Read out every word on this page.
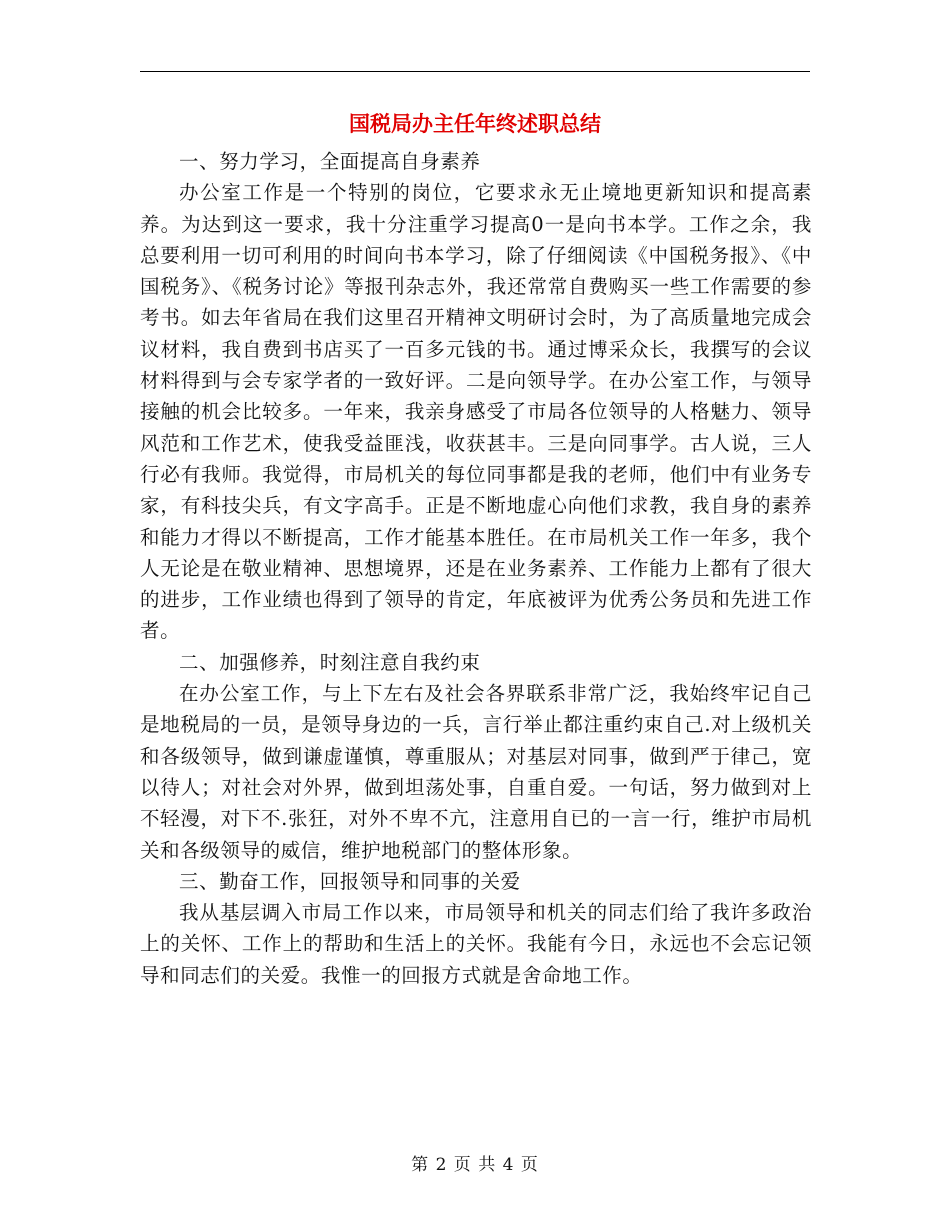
国税局办主任年终述职总结

一、努力学习，全面提高自身素养

办公室工作是一个特别的岗位，它要求永无止境地更新知识和提高素养。为达到这一要求，我十分注重学习提高0一是向书本学。工作之余，我总要利用一切可利用的时间向书本学习，除了仔细阅读《中国税务报》、《中国税务》、《税务讨论》等报刊杂志外，我还常常自费购买一些工作需要的参考书。如去年省局在我们这里召开精神文明研讨会时，为了高质量地完成会议材料，我自费到书店买了一百多元钱的书。通过博采众长，我撰写的会议材料得到与会专家学者的一致好评。二是向领导学。在办公室工作，与领导接触的机会比较多。一年来，我亲身感受了市局各位领导的人格魅力、领导风范和工作艺术，使我受益匪浅，收获甚丰。三是向同事学。古人说，三人行必有我师。我觉得，市局机关的每位同事都是我的老师，他们中有业务专家，有科技尖兵，有文字高手。正是不断地虚心向他们求教，我自身的素养和能力才得以不断提高，工作才能基本胜任。在市局机关工作一年多，我个人无论是在敬业精神、思想境界，还是在业务素养、工作能力上都有了很大的进步，工作业绩也得到了领导的肯定，年底被评为优秀公务员和先进工作者。

二、加强修养，时刻注意自我约束

在办公室工作，与上下左右及社会各界联系非常广泛，我始终牢记自己是地税局的一员，是领导身边的一兵，言行举止都注重约束自己.对上级机关和各级领导，做到谦虚谨慎，尊重服从；对基层对同事，做到严于律己，宽以待人；对社会对外界，做到坦荡处事，自重自爱。一句话，努力做到对上不轻漫，对下不.张狂，对外不卑不亢，注意用自已的一言一行，维护市局机关和各级领导的威信，维护地税部门的整体形象。

三、勤奋工作，回报领导和同事的关爱

我从基层调入市局工作以来，市局领导和机关的同志们给了我许多政治上的关怀、工作上的帮助和生活上的关怀。我能有今日，永远也不会忘记领导和同志们的关爱。我惟一的回报方式就是舍命地工作。

第 2 页 共 4 页
